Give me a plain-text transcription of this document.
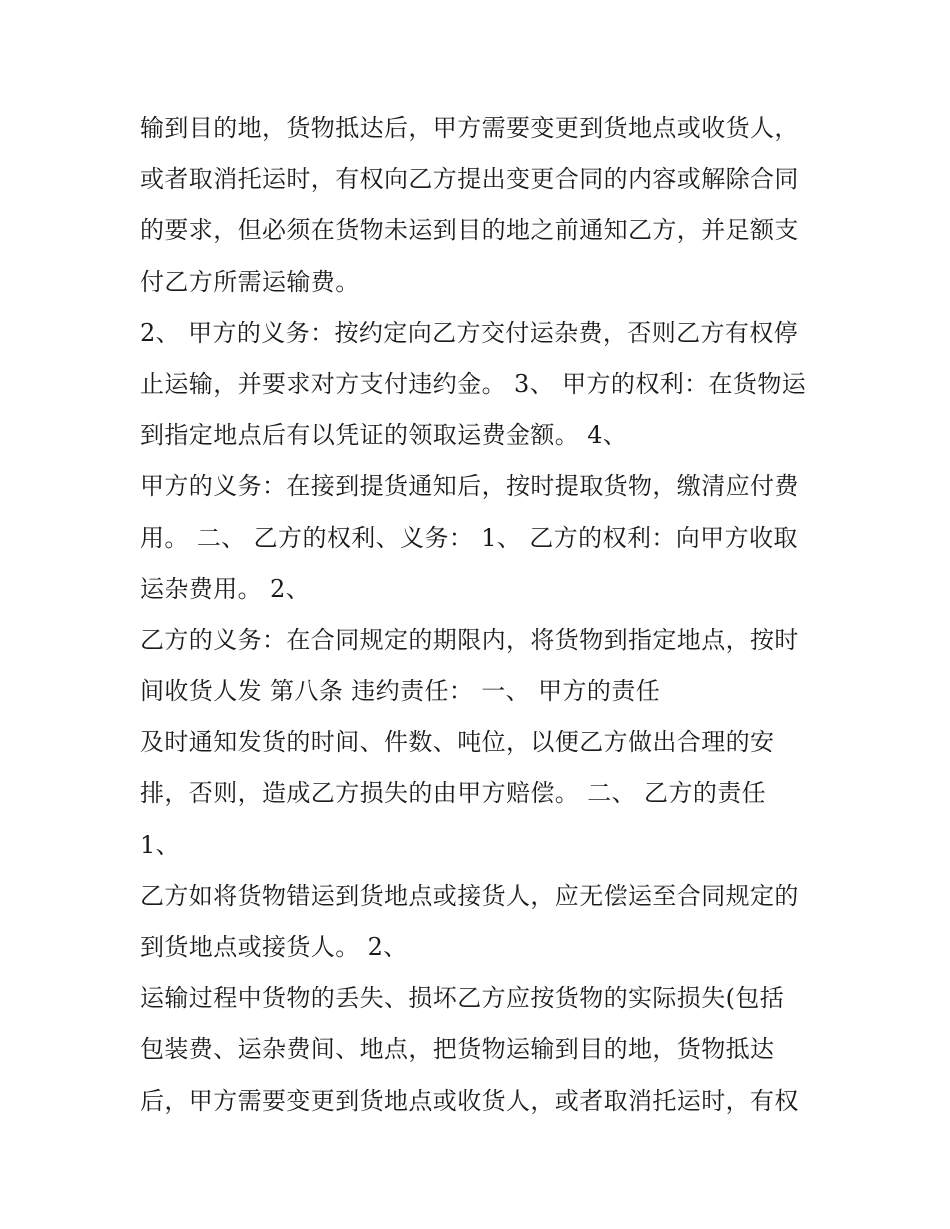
输到目的地，货物抵达后，甲方需要变更到货地点或收货人，
或者取消托运时，有权向乙方提出变更合同的内容或解除合同
的要求，但必须在货物未运到目的地之前通知乙方，并足额支
付乙方所需运输费。
2、 甲方的义务：按约定向乙方交付运杂费，否则乙方有权停
止运输，并要求对方支付违约金。 3、 甲方的权利：在货物运
到指定地点后有以凭证的领取运费金额。 4、
甲方的义务：在接到提货通知后，按时提取货物，缴清应付费
用。 二、 乙方的权利、义务： 1、 乙方的权利：向甲方收取
运杂费用。 2、
乙方的义务：在合同规定的期限内，将货物到指定地点，按时
间收货人发 第八条 违约责任： 一、 甲方的责任
及时通知发货的时间、件数、吨位，以便乙方做出合理的安
排，否则，造成乙方损失的由甲方赔偿。 二、 乙方的责任
1、
乙方如将货物错运到货地点或接货人，应无偿运至合同规定的
到货地点或接货人。 2、
运输过程中货物的丢失、损坏乙方应按货物的实际损失(包括
包装费、运杂费间、地点，把货物运输到目的地，货物抵达
后，甲方需要变更到货地点或收货人，或者取消托运时，有权
